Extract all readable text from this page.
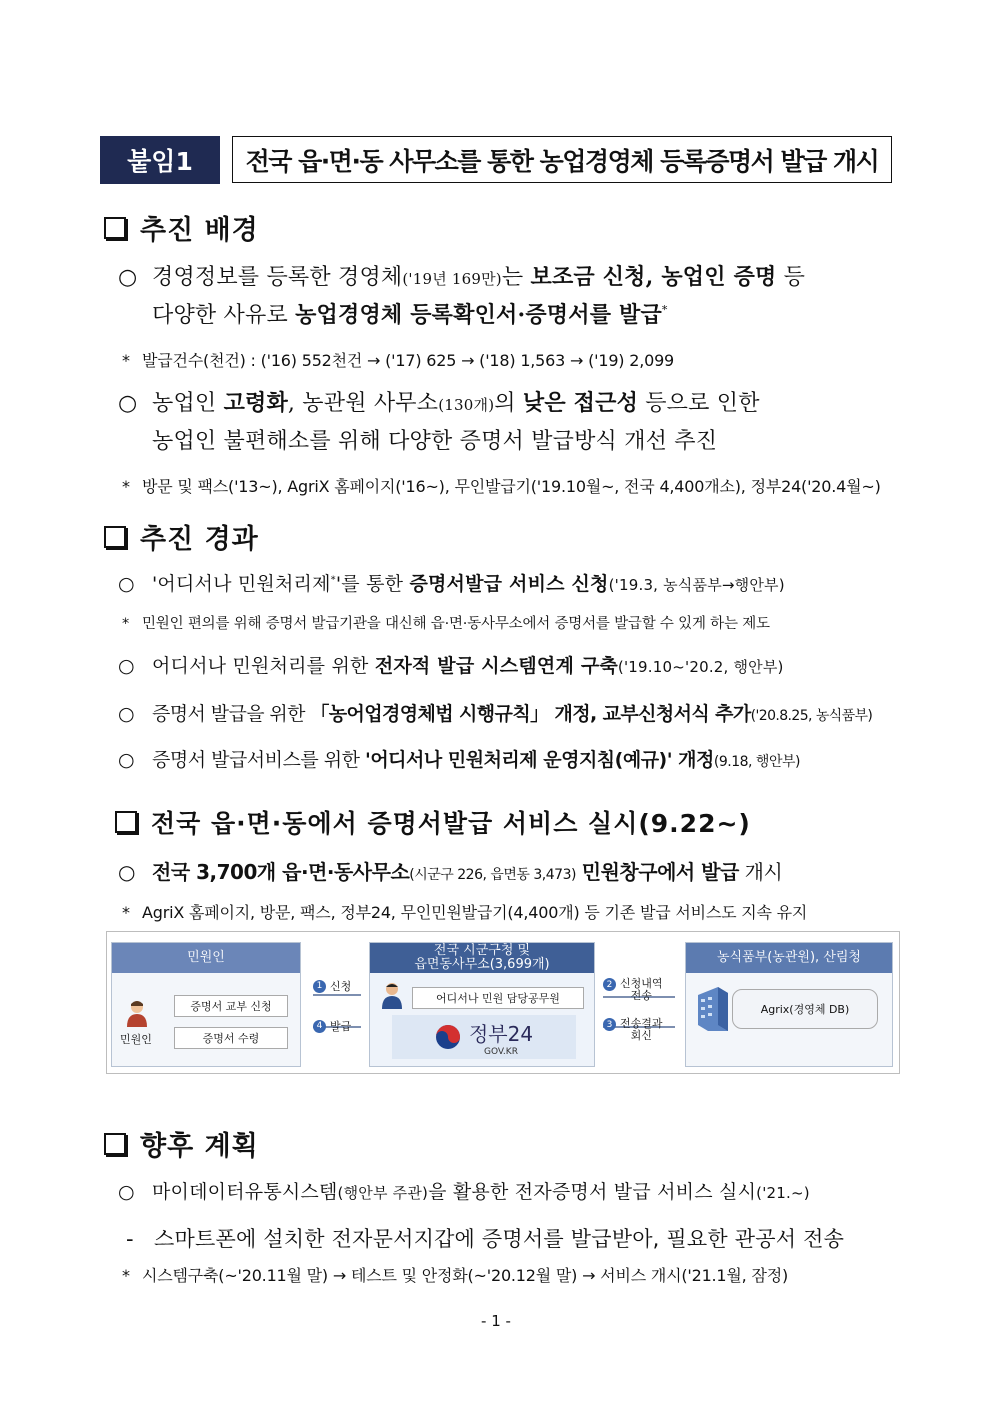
붙임1	전국 읍·면·동 사무소를 통한 농업경영체 등록증명서 발급 개시
추진 배경
○ 경영정보를 등록한 경영체('19년 169만)는 보조금 신청, 농업인 증명 등
다양한 사유로 농업경영체 등록확인서·증명서를 발급*
* 발급건수(천건) : ('16) 552천건 → ('17) 625 → ('18) 1,563 → ('19) 2,099
○ 농업인 고령화, 농관원 사무소(130개)의 낮은 접근성 등으로 인한
농업인 불편해소를 위해 다양한 증명서 발급방식 개선 추진
* 방문 및 팩스('13~), AgriX 홈페이지('16~), 무인발급기('19.10월~, 전국 4,400개소), 정부24('20.4월~)
추진 경과
○ '어디서나 민원처리제*'를 통한 증명서발급 서비스 신청('19.3, 농식품부→행안부)
* 민원인 편의를 위해 증명서 발급기관을 대신해 읍·면·동사무소에서 증명서를 발급할 수 있게 하는 제도
○ 어디서나 민원처리를 위한 전자적 발급 시스템연계 구축('19.10~'20.2, 행안부)
○ 증명서 발급을 위한 「농어업경영체법 시행규칙」 개정, 교부신청서식 추가('20.8.25, 농식품부)
○ 증명서 발급서비스를 위한 '어디서나 민원처리제 운영지침(예규)' 개정(9.18, 행안부)
전국 읍·면·동에서 증명서발급 서비스 실시(9.22~)
○ 전국 3,700개 읍·면·동사무소(시군구 226, 읍면동 3,473) 민원창구에서 발급 개시
* AgriX 홈페이지, 방문, 팩스, 정부24, 무인민원발급기(4,400개) 등 기존 발급 서비스도 지속 유지
민원인
민원인
증명서 교부 신청
증명서 수령
1 신청
4 발급
전국 시군구청 및
읍면동사무소(3,699개)
어디서나 민원 담당공무원
정부24
GOV.KR
2 신청내역
전송
3 전송결과
회신
농식품부(농관원), 산림청
Agrix(경영체 DB)
향후 계획
○ 마이데이터유통시스템(행안부 주관)을 활용한 전자증명서 발급 서비스 실시('21.~)
- 스마트폰에 설치한 전자문서지갑에 증명서를 발급받아, 필요한 관공서 전송
* 시스템구축(~'20.11월 말) → 테스트 및 안정화(~'20.12월 말) → 서비스 개시('21.1월, 잠정)
- 1 -
